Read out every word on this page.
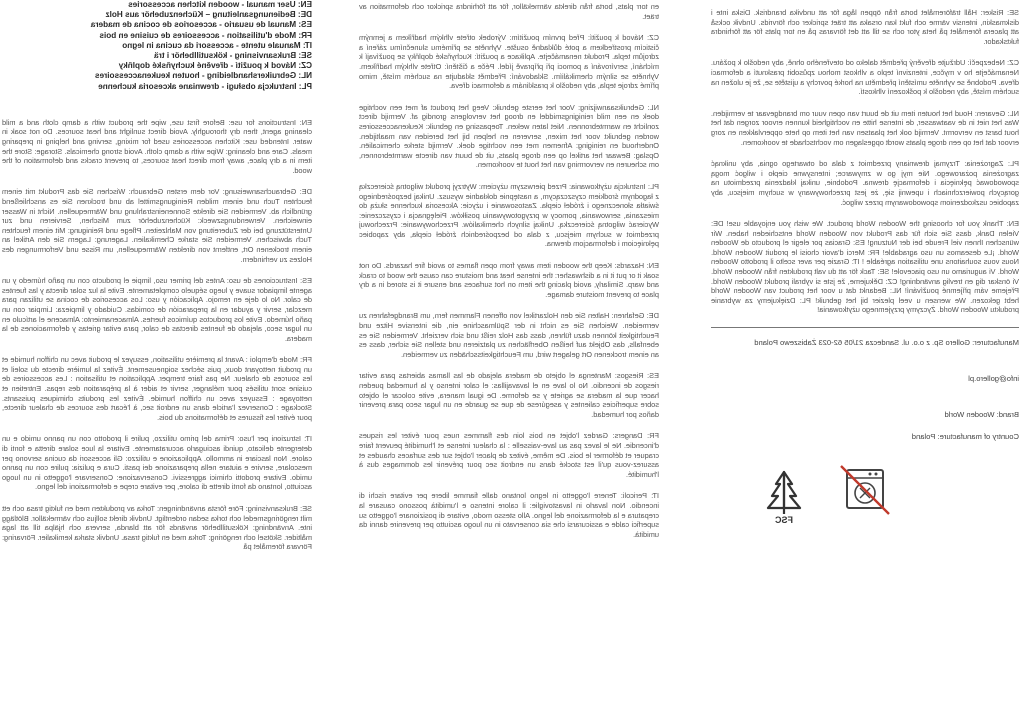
EN: User manual - wooden kitchen accessories
DE: Bedienungsanleitung – Küchenzubehör aus Holz
ES: Manual de usuario - accesorios de cocina de madera
FR: Mode d'utilisation - accessoires de cuisine en bois
IT: Manuale utente - accessori da cucina in legno
SE: Bruksanvisning - köksutillbehör i trä
CZ: Návod k použití - dřevěné kuchyňské doplňky
NL: Gebruikershandleiding - houten keukenaccessoires
PL: Instrukcja obsługi - drewniane akcesoria kuchenne

EN: Instructions for use: Before first use, wipe the product with a damp cloth and a mild cleaning agent, then dry thoroughly. Avoid direct sunlight and heat sources. Do not soak in water. Intended use: Kitchen accessories used for mixing, serving and helping in preparing meals. Care and cleaning: Wipe with a damp cloth. Avoid strong chemicals. Storage: Store the item in a dry place, away from direct heat sources, to prevent cracks and deformation of the wood.

DE: Gebrauchsanweisung: Vor dem ersten Gebrauch: Wischen Sie das Produkt mit einem feuchten Tuch und einem milden Reinigungsmittel ab und trocknen Sie es anschließend gründlich ab. Vermeiden Sie direkte Sonneneinstrahlung und Wärmequellen. Nicht in Wasser einweichen. Verwendungszweck: Küchenzubehör zum Mischen, Servieren und zur Unterstützung bei der Zubereitung von Mahlzeiten. Pflege und Reinigung: Mit einem feuchten Tuch abwischen. Vermeiden Sie starke Chemikalien. Lagerung: Lagern Sie den Artikel an einem trockenen Ort, entfernt von direkten Wärmequellen, um Risse und Verformungen des Holzes zu verhindern.

ES: Instrucciones de uso: Antes del primer uso, limpie el producto con un paño húmedo y un agente limpiador suave y luego séquelo completamente. Evite la luz solar directa y las fuentes de calor. No lo deje en remojo. Aplicación y uso: Los accesorios de cocina se utilizan para mezclar, servir y ayudar en la preparación de comidas. Cuidado y limpieza: Limpiar con un paño húmedo. Evite los productos químicos fuertes. Almacenamiento: Almacene el artículo en un lugar seco, alejado de fuentes directas de calor, para evitar grietas y deformaciones de la madera.

FR: Mode d'emploi : Avant la première utilisation, essuyez le produit avec un chiffon humide et un produit nettoyant doux, puis séchez soigneusement. Évitez la lumière directe du soleil et les sources de chaleur. Ne pas faire tremper. Application et utilisation : Les accessoires de cuisine sont utilisés pour mélanger, servir et aider à la préparation des repas. Entretien et nettoyage : Essuyez avec un chiffon humide. Évitez les produits chimiques puissants. Stockage : Conservez l'article dans un endroit sec, à l'écart des sources de chaleur directe, pour éviter les fissures et déformations du bois.

IT: Istruzioni per l'uso: Prima del primo utilizzo, pulire il prodotto con un panno umido e un detergente delicato, quindi asciugarlo accuratamente. Evitare la luce solare diretta e fonti di calore. Non lasciare in ammollo. Applicazione e utilizzo: Gli accessori da cucina servono per mescolare, servire e aiutare nella preparazione dei pasti. Cura e pulizia: pulire con un panno umido. Evitare prodotti chimici aggressivi. Conservazione: Conservare l'oggetto in un luogo asciutto, lontano da fonti dirette di calore, per evitare crepe e deformazioni del legno.

SE: Bruksanvisning: Före första användningen: Torka av produkten med en fuktig trasa och ett milt rengöringsmedel och torka sedan ordentligt. Undvik direkt solljus och värmekällor. Blötlägg inte. Användning: Köksutillbehör används för att blanda, servera och hjälpa till att laga måltider. Skötsel och rengöring: Torka med en fuktig trasa. Undvik starka kemikalier. Förvaring: Förvara föremålet på

en torr plats, borta från direkta värmekällor, för att förhindra sprickor och deformation av träet.

CZ: Návod k použití: Před prvním použitím: Výrobek otřete vlhkým hadříkem a jemným čisticím prostředkem a poté důkladně osušte. Vyhněte se přímému slunečnímu záření a zdrojům tepla. Produkt nenamáčejte. Aplikace a použití: Kuchyňské doplňky se používají k míchání, servírování a pomoci při přípravě jídel. Péče a čištění: Otřete vlhkým hadříkem. Vyhněte se silným chemikáliím. Skladování: Předmět skladujte na suchém místě, mimo přímé zdroje tepla, aby nedošlo k prasklinám a deformaci dřeva.

NL: Gebruiksaanwijzing: Voor het eerste gebruik: Veeg het product af met een vochtige doek en een mild reinigingsmiddel en droog het vervolgens grondig af. Vermijd direct zonlicht en warmtebronnen. Niet laten weken. Toepassing en gebruik: Keukenaccessoires worden gebruikt voor het mixen, serveren en helpen bij het bereiden van maaltijden. Onderhoud en reiniging: Afnemen met een vochtige doek. Vermijd sterke chemicaliën. Opslag: Bewaar het artikel op een droge plaats, uit de buurt van directe warmtebronnen, om scheuren en vervorming van het hout te voorkomen.

PL: Instrukcja użytkowania: Przed pierwszym użyciem: Wytrzyj produkt wilgotną ściereczką z łagodnym środkiem czyszczącym, a następnie dokładnie wysusz. Unikaj bezpośredniego światła słonecznego i źródeł ciepła. Zastosowanie i użycie: Akcesoria kuchenne służą do mieszania, serwowania, pomocy w przygotowywaniu posiłków. Pielęgnacja i czyszczenie: Wycierać wilgotną ściereczką. Unikaj silnych chemikaliów. Przechowywanie: Przechowuj przedmiot w suchym miejscu, z dala od bezpośrednich źródeł ciepła, aby zapobiec pęknięciom i deformacjom drewna.

EN: Hazards: Keep the wooden item away from open flames to avoid fire hazards. Do not soak it or put it in a dishwasher: the intense heat and moisture can cause the wood to crack and warp. Similarly, avoid placing the item on hot surfaces and ensure it is stored in a dry place to prevent moisture damage.

DE: Gefahren: Halten Sie den Holzartikel von offenen Flammen fern, um Brandgefahren zu vermeiden. Weichen Sie es nicht in der Spülmaschine ein, die intensive Hitze und Feuchtigkeit können dazu führen, dass das Holz reißt und sich verzieht. Vermeiden Sie es ebenfalls, das Objekt auf heißen Oberflächen zu platzieren und stellen Sie sicher, dass es an einem trockenen Ort gelagert wird, um Feuchtigkeitsschäden zu vermeiden.

ES: Riesgos: Mantenga el objeto de madera alejado de las llamas abiertas para evitar riesgos de incendio. No lo lave en el lavavajillas: el calor intenso y la humedad pueden hacer que la madera se agriete y se deforme. De igual manera, evite colocar el objeto sobre superficies calientes y asegúrese de que se guarde en un lugar seco para prevenir daños por humedad.

FR: Dangers: Gardez l'objet en bois loin des flammes nues pour éviter les risques d'incendie. Ne le lavez pas au lave-vaisselle : la chaleur intense et l'humidité peuvent faire craquer et déformer le bois. De même, évitez de placer l'objet sur des surfaces chaudes et assurez-vous qu'il est stocké dans un endroit sec pour prévenir les dommages dus à l'humidité.

IT: Pericoli: Tenere l'oggetto in legno lontano dalle fiamme libere per evitare rischi di incendio. Non lavarlo in lavastoviglie: il calore intenso e l'umidità possono causare la crepatura e la deformazione del legno. Allo stesso modo, evitare di posizionare l'oggetto su superfici calde e assicurarsi che sia conservato in un luogo asciutto per prevenire danni da umidità.

SE: Risker: Håll träföremålet borta från öppen låga för att undvika brandrisk. Diska inte i diskmaskin, intensiv värme och fukt kan orsaka att träet spricker och förvrids. Undvik också att placera föremålet på heta ytor och se till att det förvaras på en torr plats för att förhindra fuktskador.

CZ: Nebezpečí: Udržujte dřevěný předmět daleko od otevřeného ohně, aby nedošlo k požáru. Nenamáčejte ho v myčce, intenzivní teplo a vlhkost mohou způsobit prasknutí a deformaci dřeva. Podobně se vyhněte umístění předmětu na horké povrchy a ujistěte se, že je uložen na suchém místě, aby nedošlo k poškození vlhkostí.

NL: Gevaren: Houd het houten item uit de buurt van open vuur om brandgevaar te vermijden. Was het niet in de vaatwasser, de intense hitte en vochtigheid kunnen ervoor zorgen dat het hout barst en vervormt. Vermijd ook het plaatsen van het item op hete oppervlakken en zorg ervoor dat het op een droge plaats wordt opgeslagen om vochtschade te voorkomen.

PL: Zagrożenia: Trzymaj drewniany przedmiot z dala od otwartego ognia, aby uniknąć zagrożenia pożarowego. Nie myj go w zmywarce; intensywne ciepło i wilgoć mogą spowodować pęknięcia i deformację drewna. Podobnie, unikaj kładzenia przedmiotu na gorących powierzchniach i upewnij się, że jest przechowywany w suchym miejscu, aby zapobiec uszkodzeniom spowodowanym przez wilgoć.

EN: Thank you for choosing the Wooden World product. We wish you enjoyable use! DE: Vielen Dank, dass Sie sich für das Produkt von Wooden World entschieden haben. Wir wünschen Ihnen viel Freude bei der Nutzung! ES: Gracias por elegir el producto de Wooden World. ¡Le deseamos un uso agradable! FR: Merci d'avoir choisi le produit Wooden World. Nous vous souhaitons une utilisation agréable ! IT: Grazie per aver scelto il prodotto Wooden World. Vi auguriamo un uso piacevole! SE: Tack för att du valt produkten från Wooden World. Vi önskar dig en trevlig användning! CZ: Děkujeme, že jste si vybrali produkt Wooden World. Přejeme vám příjemné používání! NL: Bedankt dat u voor het product van Wooden World hebt gekozen. We wensen u veel plezier bij het gebruik! PL: Dziękujemy za wybranie produktu Wooden World. Życzymy przyjemnego użytkowania!

Manufacturer: Gollero Sp. z o.o. ul. Sandecza 21/05 62-023 Żabiszewo Poland

info@gollero.pl

Brand: Wooden World

Country of manufacture: Poland

FSC
